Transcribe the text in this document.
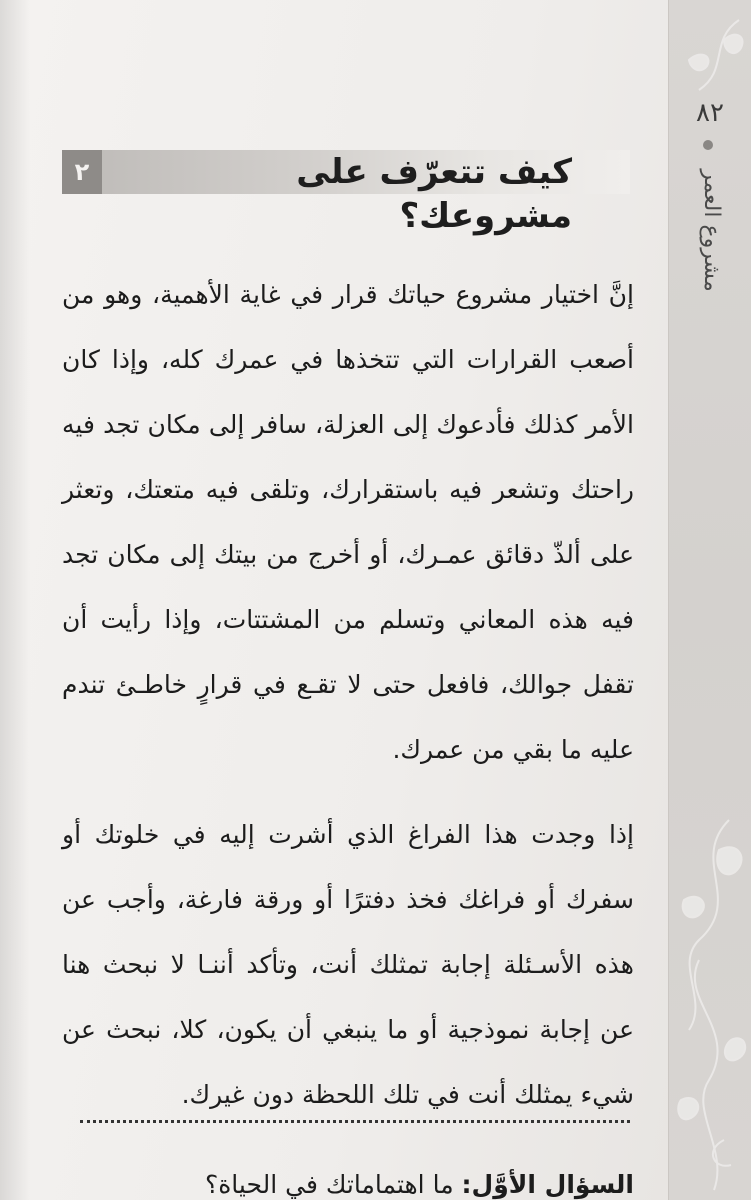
٨٢
مشروع العمر
٢	كيف تتعرّف على مشروعك؟

إنَّ اختيار مشروع حياتك قرار في غاية الأهمية، وهو من أصعب القرارات التي تتخذها في عمرك كله، وإذا كان الأمر كذلك فأدعوك إلى العزلة، سافر إلى مكان تجد فيه راحتك وتشعر فيه باستقرارك، وتلقى فيه متعتك، وتعثر على ألذّ دقائق عمـرك، أو أخرج من بيتك إلى مكان تجد فيه هذه المعاني وتسلم من المشتتات، وإذا رأيت أن تقفل جوالك، فافعل حتى لا تقـع في قرارٍ خاطـئ تندم عليه ما بقي من عمرك.

إذا وجدت هذا الفراغ الذي أشرت إليه في خلوتك أو سفرك أو فراغك فخذ دفترًا أو ورقة فارغة، وأجب عن هذه الأسـئلة إجابة تمثلك أنت، وتأكد أننـا لا نبحث هنا عن إجابة نموذجية أو ما ينبغي أن يكون، كلا، نبحث عن شيء يمثلك أنت في تلك اللحظة دون غيرك.

السؤال الأوَّل: ما اهتماماتك في الحياة؟
